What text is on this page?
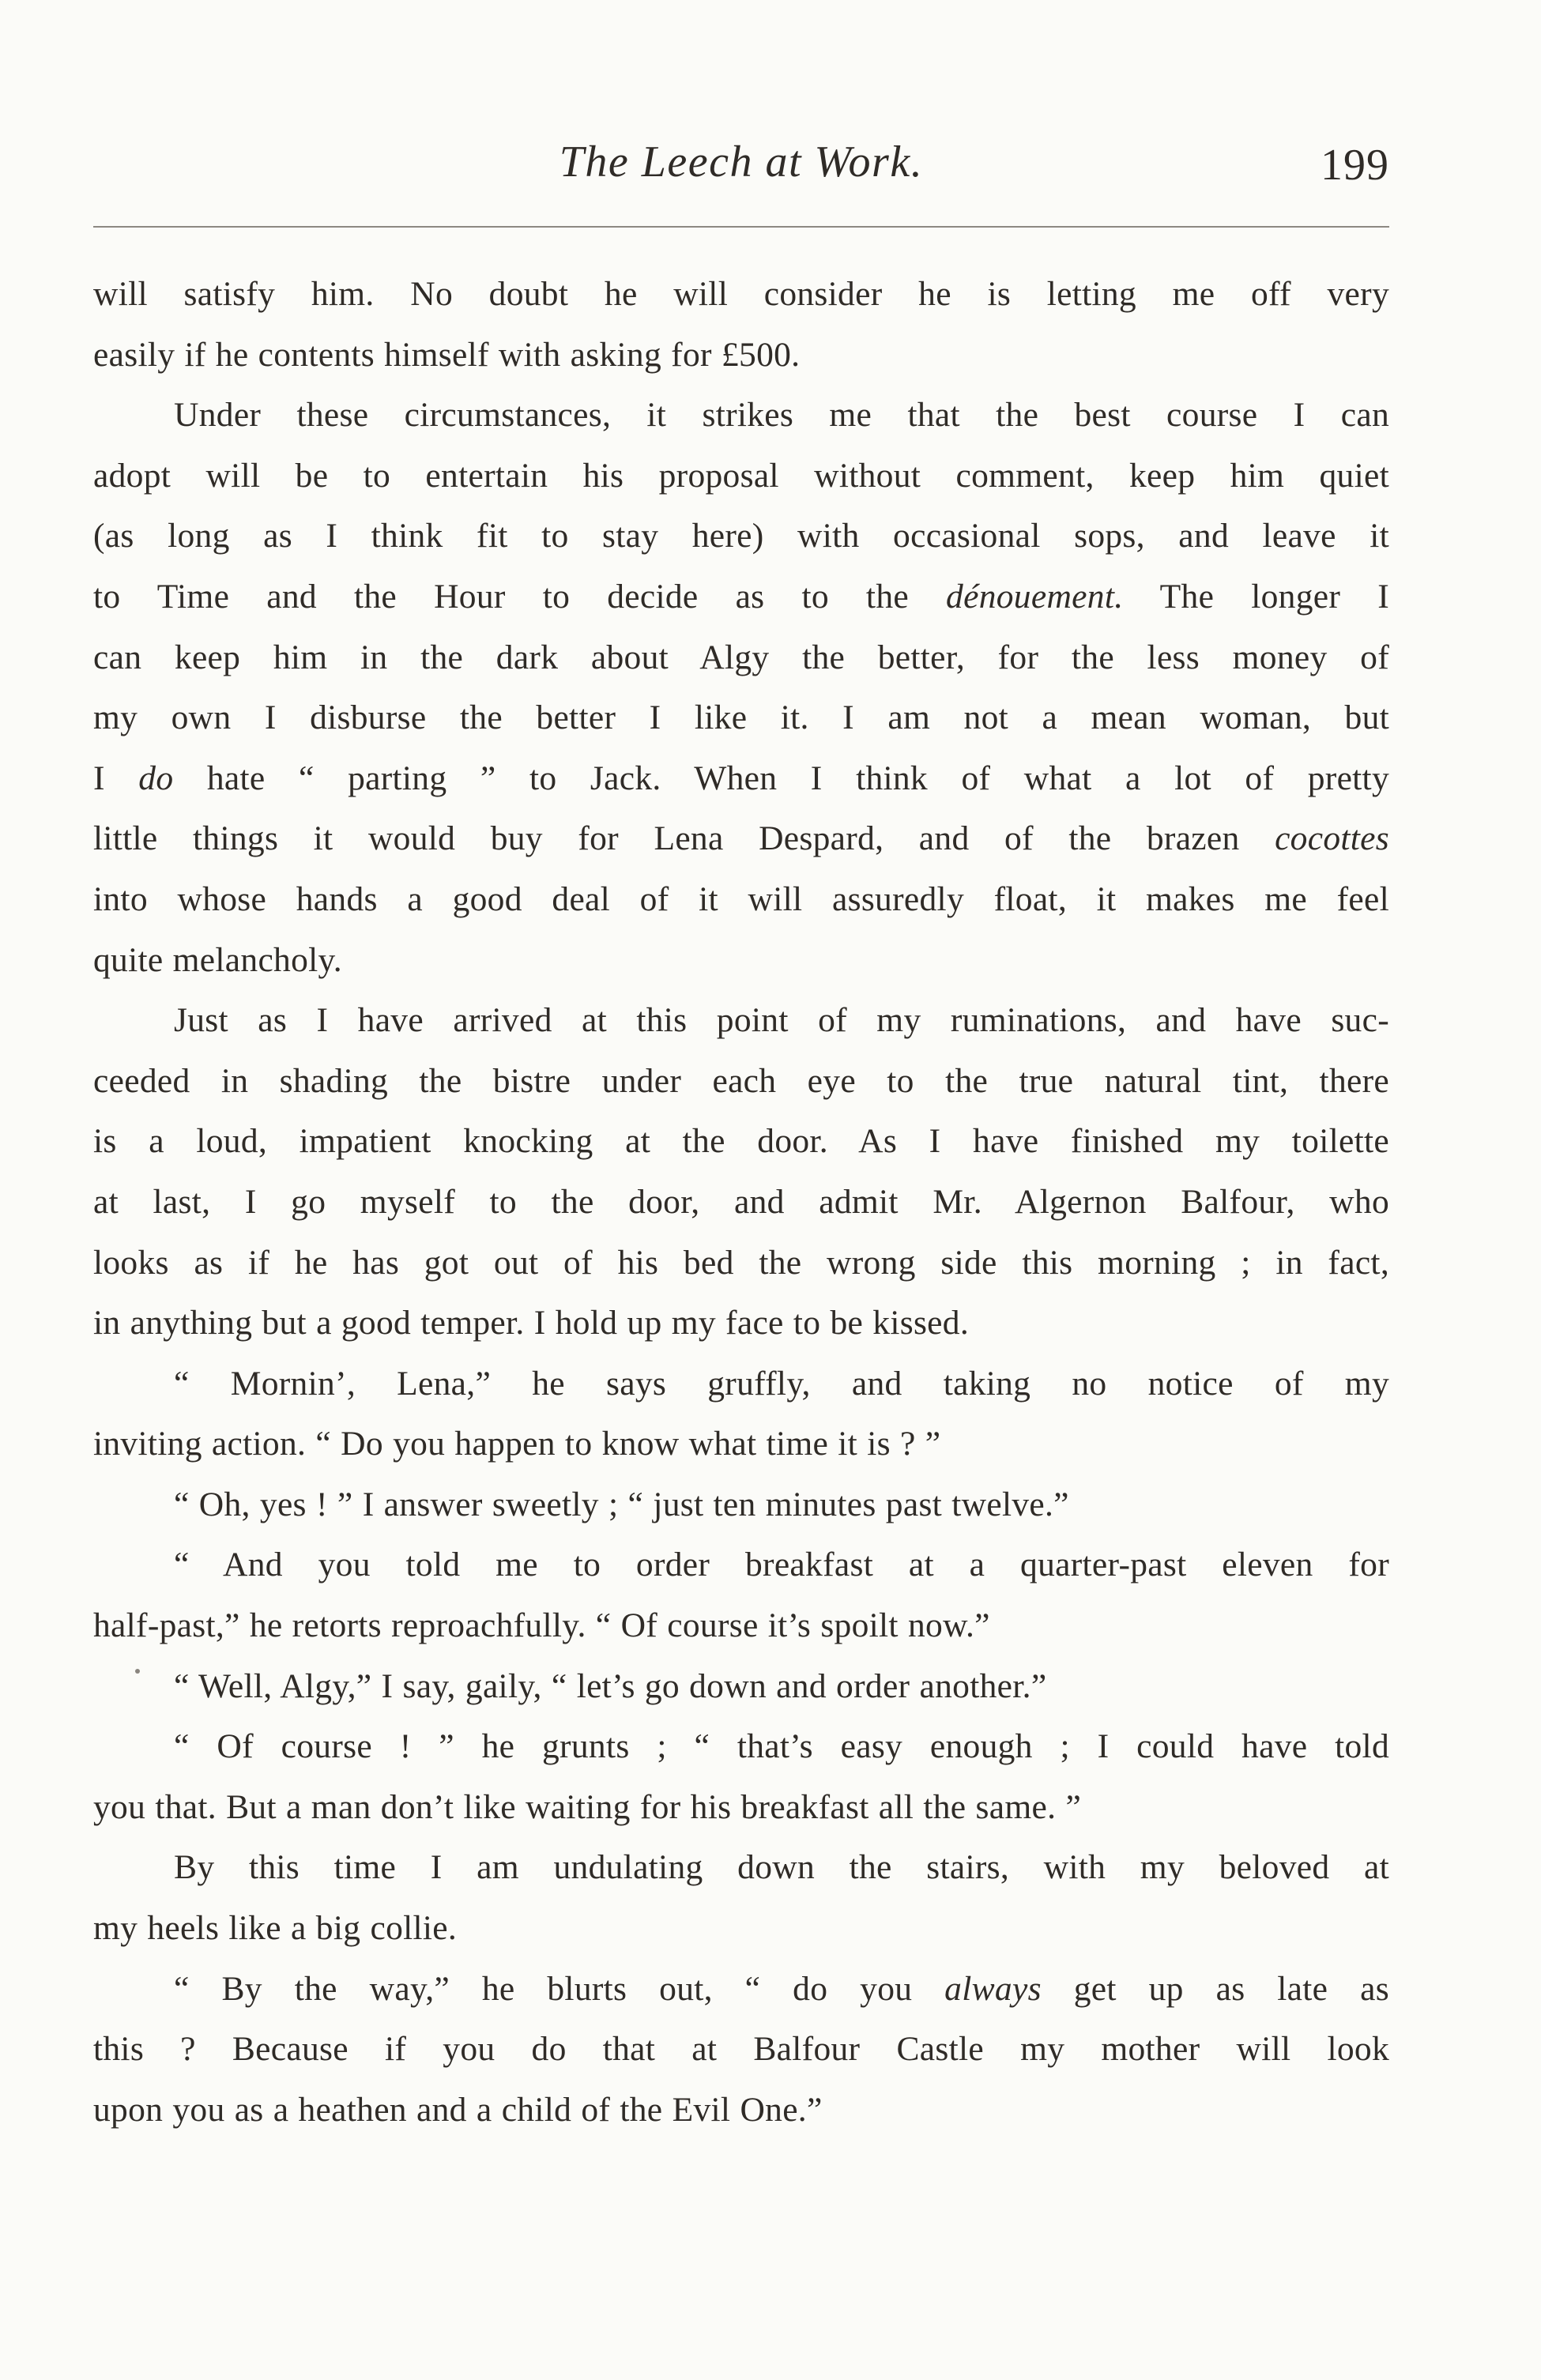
The Leech at Work.	199
will satisfy him. No doubt he will consider he is letting me off very
easily if he contents himself with asking for £500.
Under these circumstances, it strikes me that the best course I can
adopt will be to entertain his proposal without comment, keep him quiet
(as long as I think fit to stay here) with occasional sops, and leave it
to Time and the Hour to decide as to the dénouement. The longer I
can keep him in the dark about Algy the better, for the less money of
my own I disburse the better I like it. I am not a mean woman, but
I do hate “ parting ” to Jack. When I think of what a lot of pretty
little things it would buy for Lena Despard, and of the brazen cocottes
into whose hands a good deal of it will assuredly float, it makes me feel
quite melancholy.
Just as I have arrived at this point of my ruminations, and have suc-
ceeded in shading the bistre under each eye to the true natural tint, there
is a loud, impatient knocking at the door. As I have finished my toilette
at last, I go myself to the door, and admit Mr. Algernon Balfour, who
looks as if he has got out of his bed the wrong side this morning ; in fact,
in anything but a good temper. I hold up my face to be kissed.
“ Mornin’, Lena,” he says gruffly, and taking no notice of my
inviting action. “ Do you happen to know what time it is ? ”
“ Oh, yes ! ” I answer sweetly ; “ just ten minutes past twelve.”
“ And you told me to order breakfast at a quarter-past eleven for
half-past,” he retorts reproachfully. “ Of course it’s spoilt now.”
“ Well, Algy,” I say, gaily, “ let’s go down and order another.”
“ Of course ! ” he grunts ; “ that’s easy enough ; I could have told
you that. But a man don’t like waiting for his breakfast all the same. ”
By this time I am undulating down the stairs, with my beloved at
my heels like a big collie.
“ By the way,” he blurts out, “ do you always get up as late as
this ? Because if you do that at Balfour Castle my mother will look
upon you as a heathen and a child of the Evil One.”
